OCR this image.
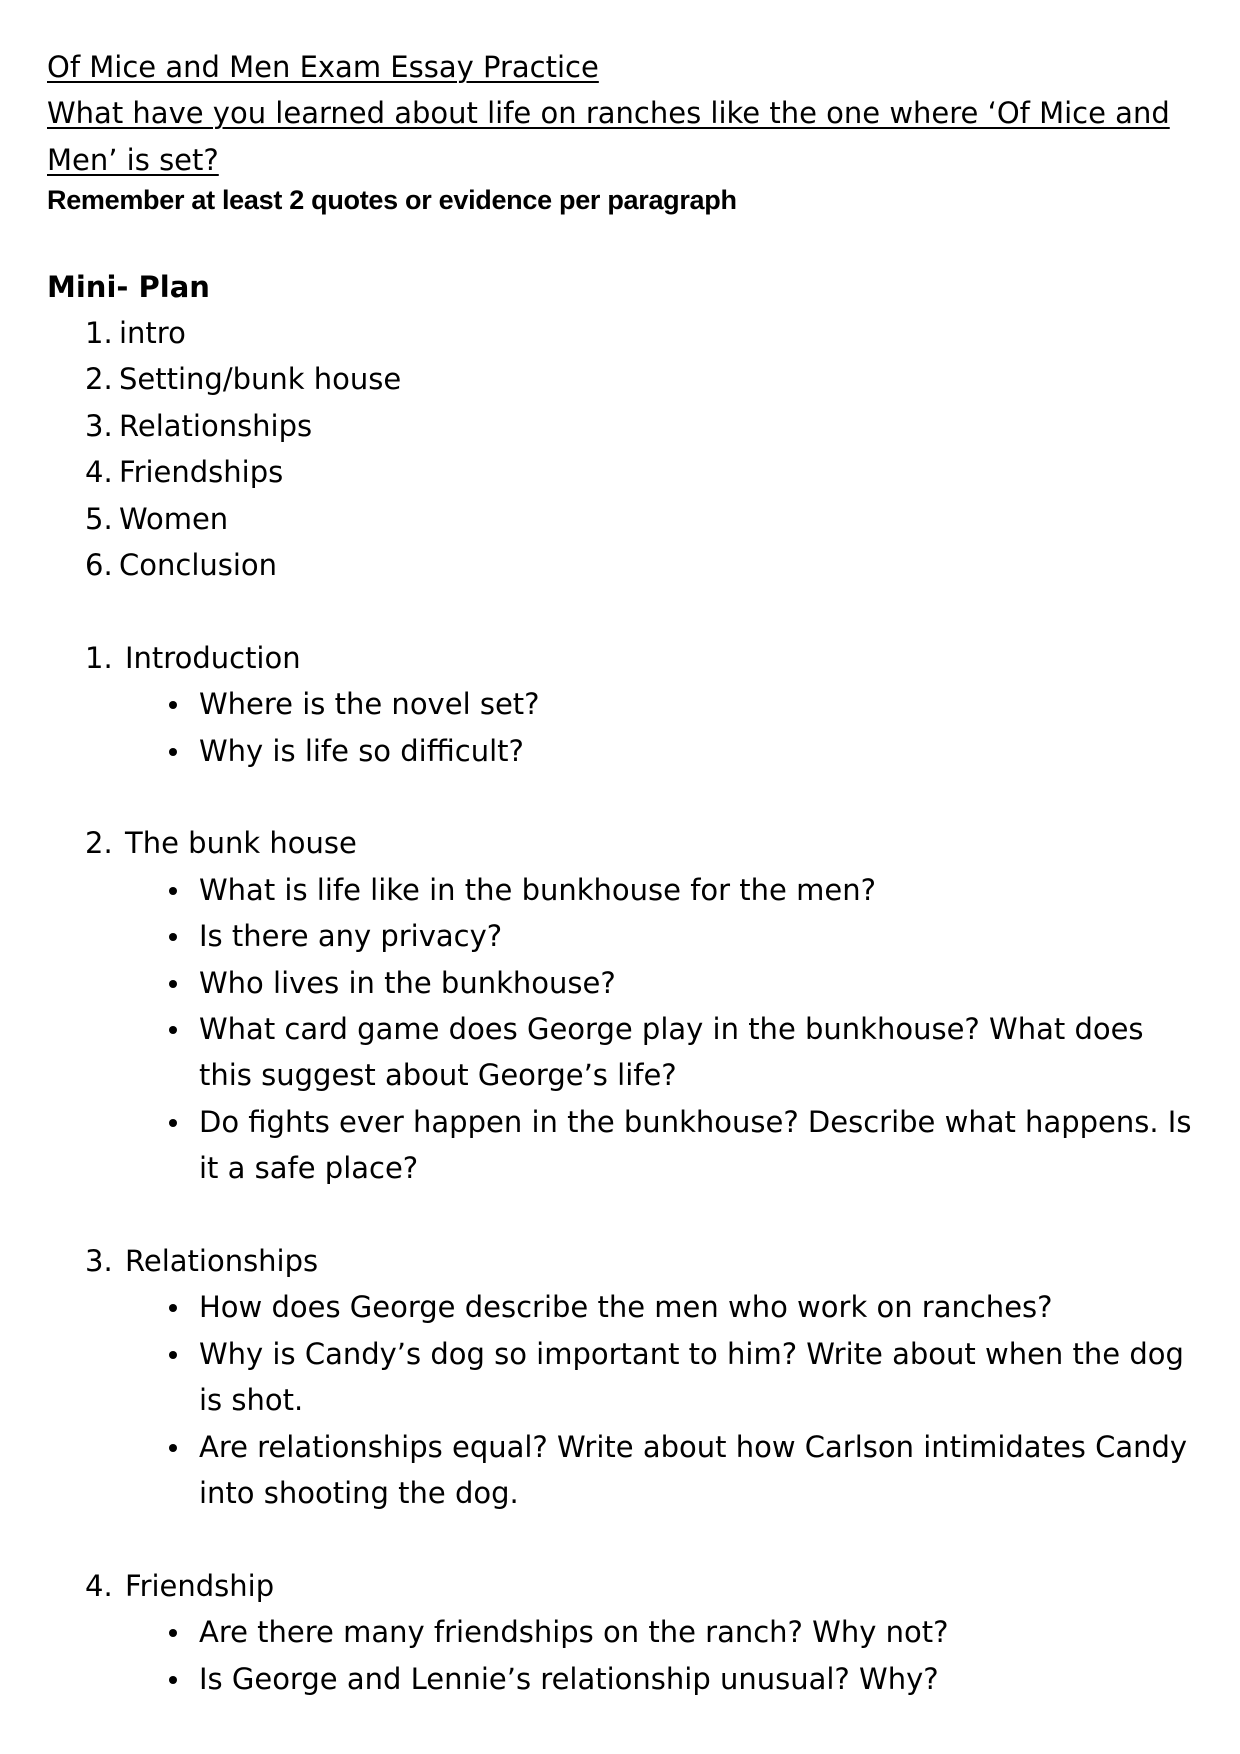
Of Mice and Men Exam Essay Practice
What have you learned about life on ranches like the one where ‘Of Mice and Men’ is set?
Remember at least 2 quotes or evidence per paragraph
Mini- Plan
1. intro
2. Setting/bunk house
3. Relationships
4. Friendships
5. Women
6. Conclusion
1. Introduction
Where is the novel set?
Why is life so difficult?
2. The bunk house
What is life like in the bunkhouse for the men?
Is there any privacy?
Who lives in the bunkhouse?
What card game does George play in the bunkhouse? What does this suggest about George’s life?
Do fights ever happen in the bunkhouse? Describe what happens. Is it a safe place?
3. Relationships
How does George describe the men who work on ranches?
Why is Candy’s dog so important to him? Write about when the dog is shot.
Are relationships equal? Write about how Carlson intimidates Candy into shooting the dog.
4. Friendship
Are there many friendships on the ranch? Why not?
Is George and Lennie’s relationship unusual? Why?
